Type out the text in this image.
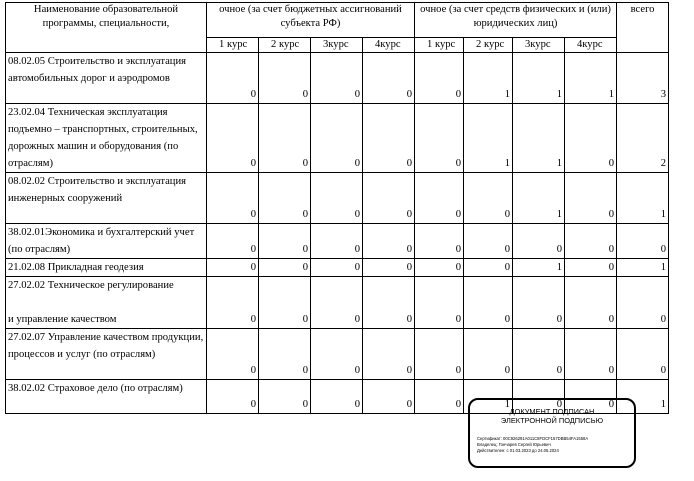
Наименование образовательной программы, специальности,	очное (за счет бюджетных ассигнований субъекта РФ)				очное (за счет средств физических и (или) юридических лиц)				всего
	1 курс	2 курс	3курс	4курс	1 курс	2 курс	3курс	4курс	
08.02.05 Строительство и эксплуатация автомобильных дорог и аэродромов	0	0	0	0	0	1	1	1	3
23.02.04 Техническая эксплуатация подъемно – транспортных, строительных, дорожных машин и оборудования (по отраслям)	0	0	0	0	0	1	1	0	2
08.02.02 Строительство и эксплуатация инженерных сооружений	0	0	0	0	0	0	1	0	1
38.02.01Экономика и бухгалтерский учет (по отраслям)	0	0	0	0	0	0	0	0	0
21.02.08 Прикладная геодезия	0	0	0	0	0	0	1	0	1
27.02.02 Техническое регулирование

и управление качеством	0	0	0	0	0	0	0	0	0
27.02.07 Управление качеством продукции, процессов и услуг (по отраслям)	0	0	0	0	0	0	0	0	0
38.02.02 Страховое дело (по отраслям)	0	0	0	0	0	1	0	0	1
ДОКУМЕНТ ПОДПИСАН
ЭЛЕКТРОННОЙ ПОДПИСЬЮ
Сертификат: 00C926291A011C8FDCF157DBB54FA1558A
Владелец: Гончарев Сергей Юрьевич
Действителен: с 01.03.2023 до 24.05.2024
